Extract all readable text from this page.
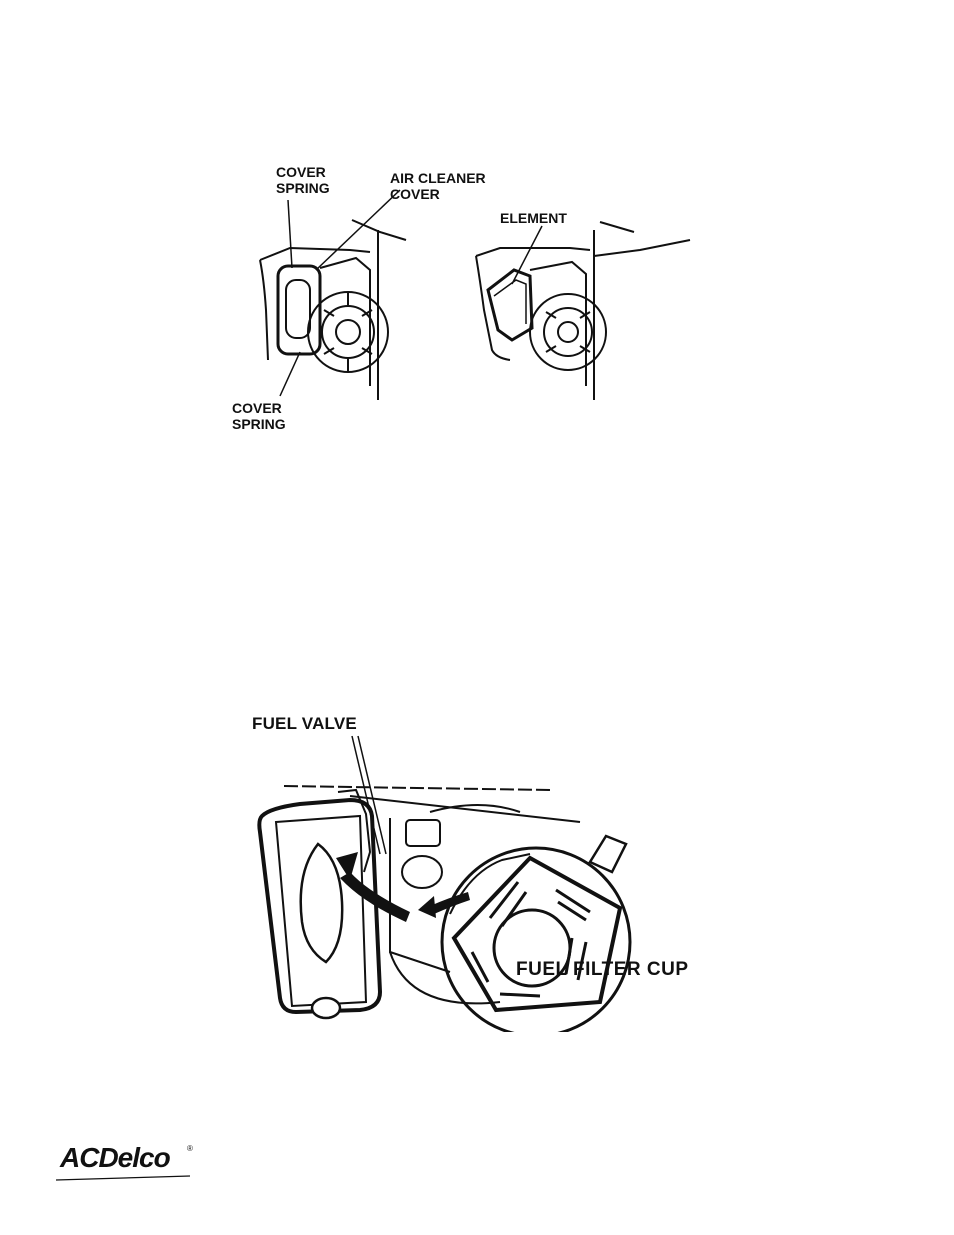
COVER
SPRING
AIR CLEANER
COVER
ELEMENT
COVER
SPRING
FUEL VALVE
FUEL FILTER CUP
ACDelco ®
